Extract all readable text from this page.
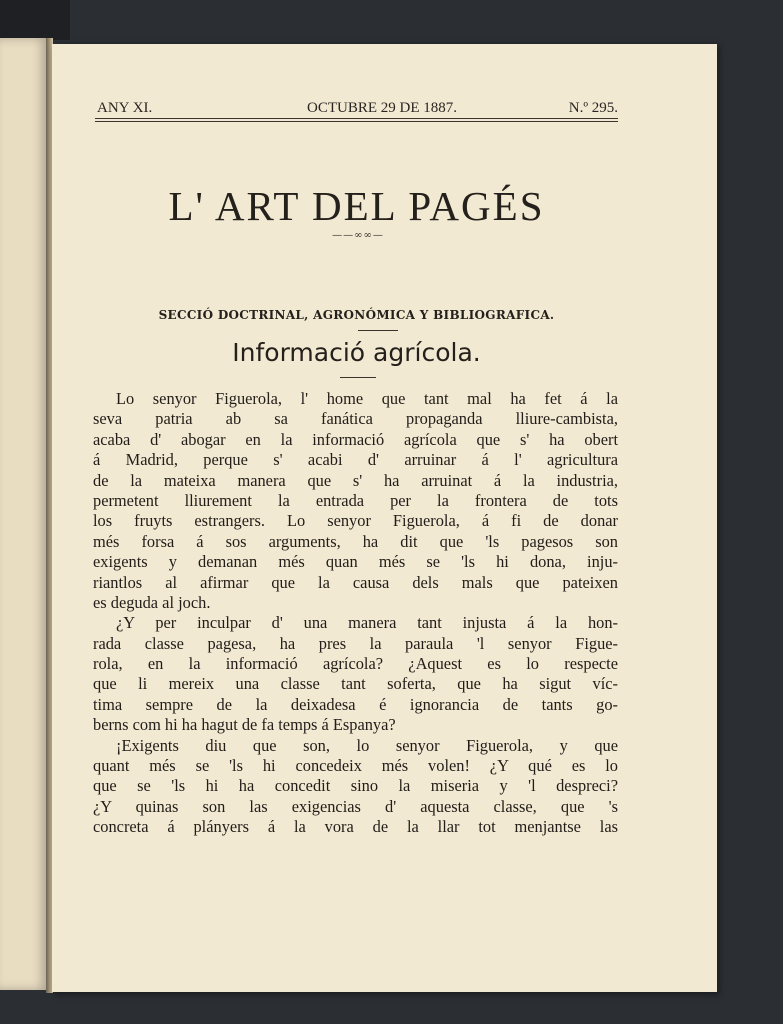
ANY XI.	OCTUBRE 29 DE 1887.	N.º 295.
L' ART DEL PAGÉS
——∞∞—
SECCIÓ DOCTRINAL, AGRONÓMICA Y BIBLIOGRAFICA.
Informació agrícola.
Lo senyor Figuerola, l' home que tant mal ha fet á la
seva patria ab sa fanática propaganda lliure-cambista,
acaba d' abogar en la informació agrícola que s' ha obert
á Madrid, perque s' acabi d' arruinar á l' agricultura
de la mateixa manera que s' ha arruinat á la industria,
permetent lliurement la entrada per la frontera de tots
los fruyts estrangers. Lo senyor Figuerola, á fi de donar
més forsa á sos arguments, ha dit que 'ls pagesos son
exigents y demanan més quan més se 'ls hi dona, inju-
riantlos al afirmar que la causa dels mals que pateixen
es deguda al joch.
¿Y per inculpar d' una manera tant injusta á la hon-
rada classe pagesa, ha pres la paraula 'l senyor Figue-
rola, en la informació agrícola? ¿Aquest es lo respecte
que li mereix una classe tant soferta, que ha sigut víc-
tima sempre de la deixadesa é ignorancia de tants go-
berns com hi ha hagut de fa temps á Espanya?
¡Exigents diu que son, lo senyor Figuerola, y que
quant més se 'ls hi concedeix més volen! ¿Y qué es lo
que se 'ls hi ha concedit sino la miseria y 'l despreci?
¿Y quinas son las exigencias d' aquesta classe, que 's
concreta á plányers á la vora de la llar tot menjantse las
